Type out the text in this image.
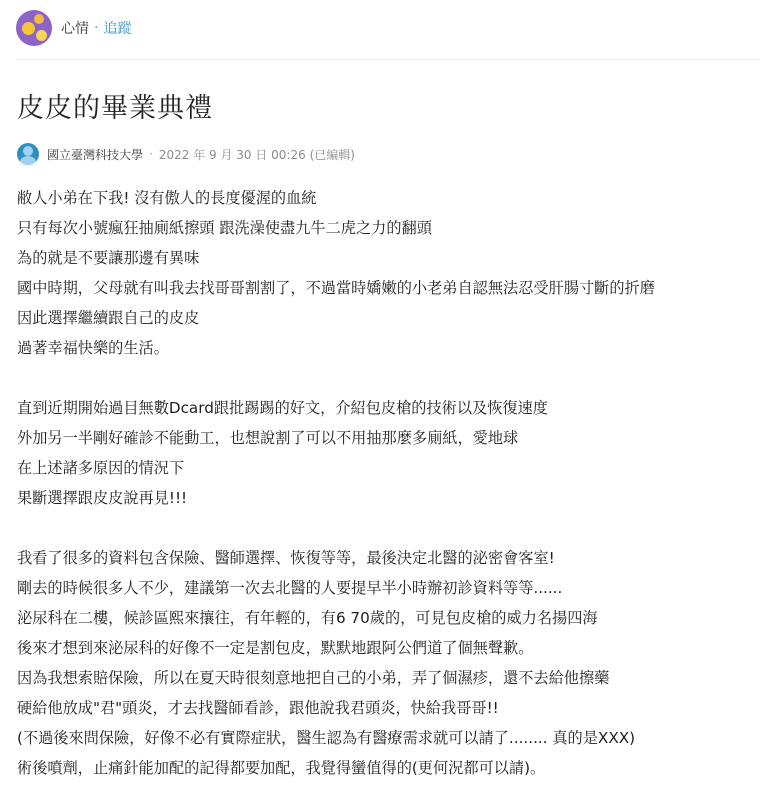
心情 · 追蹤
皮皮的畢業典禮
國立臺灣科技大學 · 2022 年 9 月 30 日 00:26 (已編輯)
敝人小弟在下我! 沒有傲人的長度優渥的血統
只有每次小號瘋狂抽廁紙擦頭 跟洗澡使盡九牛二虎之力的翻頭
為的就是不要讓那邊有異味
國中時期，父母就有叫我去找哥哥割割了，不過當時嬌嫩的小老弟自認無法忍受肝腸寸斷的折磨
因此選擇繼續跟自己的皮皮
過著幸福快樂的生活。
直到近期開始過目無數Dcard跟批踢踢的好文，介紹包皮槍的技術以及恢復速度
外加另一半剛好確診不能動工，也想說割了可以不用抽那麼多廁紙，愛地球
在上述諸多原因的情況下
果斷選擇跟皮皮說再見!!!
我看了很多的資料包含保險、醫師選擇、恢復等等，最後決定北醫的泌密會客室!
剛去的時候很多人不少，建議第一次去北醫的人要提早半小時辦初診資料等等......
泌尿科在二樓，候診區熙來攘往，有年輕的，有6 70歲的，可見包皮槍的威力名揚四海
後來才想到來泌尿科的好像不一定是割包皮，默默地跟阿公們道了個無聲歉。
因為我想索賠保險，所以在夏天時很刻意地把自己的小弟，弄了個濕疹，還不去給他擦藥
硬給他放成"君"頭炎，才去找醫師看診，跟他說我君頭炎，快給我哥哥!!
(不過後來問保險，好像不必有實際症狀，醫生認為有醫療需求就可以請了........ 真的是XXX)
術後噴劑，止痛針能加配的記得都要加配，我覺得蠻值得的(更何況都可以請)。
